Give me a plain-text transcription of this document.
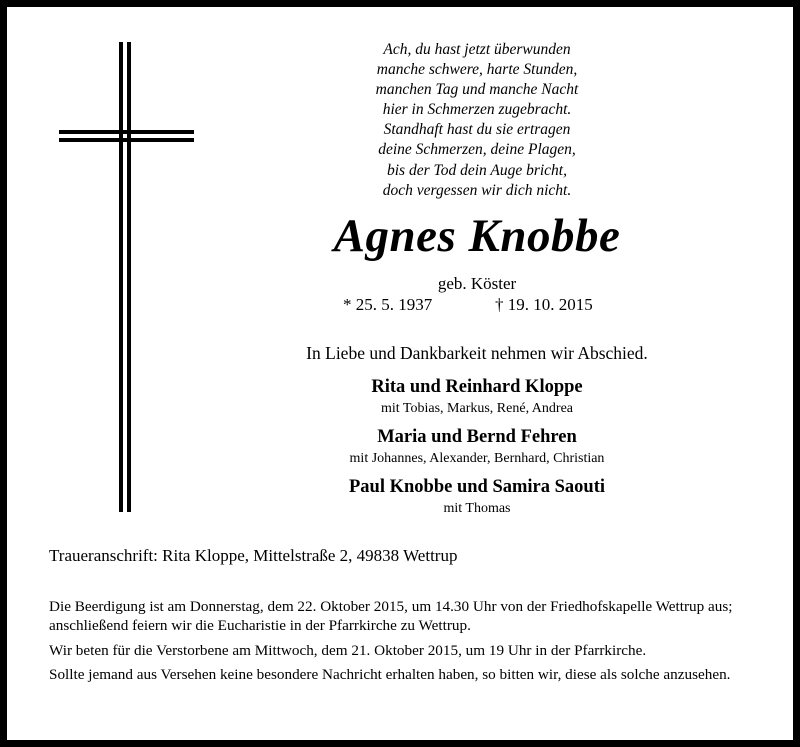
Ach, du hast jetzt überwunden
manche schwere, harte Stunden,
manchen Tag und manche Nacht
hier in Schmerzen zugebracht.
Standhaft hast du sie ertragen
deine Schmerzen, deine Plagen,
bis der Tod dein Auge bricht,
doch vergessen wir dich nicht.
Agnes Knobbe
geb. Köster
* 25. 5. 1937	† 19. 10. 2015
In Liebe und Dankbarkeit nehmen wir Abschied.
Rita und Reinhard Kloppe
mit Tobias, Markus, René, Andrea
Maria und Bernd Fehren
mit Johannes, Alexander, Bernhard, Christian
Paul Knobbe und Samira Saouti
mit Thomas
Traueranschrift: Rita Kloppe, Mittelstraße 2, 49838 Wettrup

Die Beerdigung ist am Donnerstag, dem 22. Oktober 2015, um 14.30 Uhr von der Friedhofskapelle Wettrup aus; anschließend feiern wir die Eucharistie in der Pfarrkirche zu Wettrup.

Wir beten für die Verstorbene am Mittwoch, dem 21. Oktober 2015, um 19 Uhr in der Pfarrkirche.

Sollte jemand aus Versehen keine besondere Nachricht erhalten haben, so bitten wir, diese als solche anzusehen.
